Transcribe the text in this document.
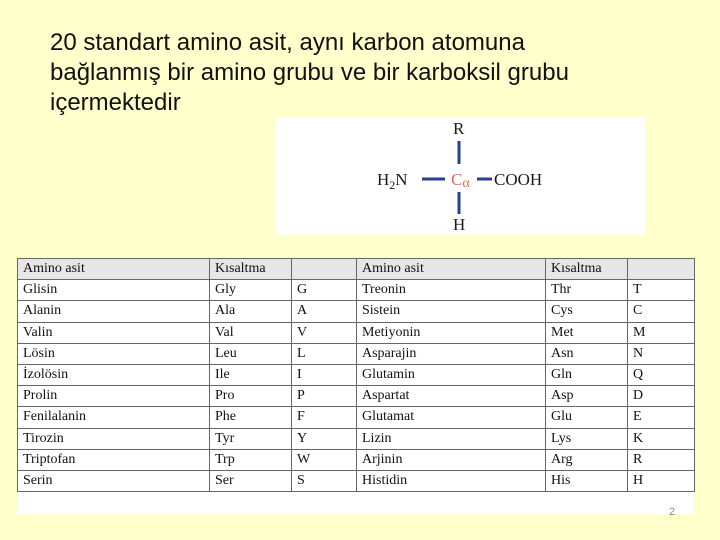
20 standart amino asit, aynı karbon atomuna
bağlanmış bir amino grubu ve bir karboksil grubu
içermektedir
R
$H_2N$	Cα COOH
H
Amino asit	Kısaltma		Amino asit	Kısaltma	
Glisin	Gly	G	Treonin	Thr	T
Alanin	Ala	A	Sistein	Cys	C
Valin	Val	V	Metiyonin	Met	M
Lösin	Leu	L	Asparajin	Asn	N
İzolösin	Ile	I	Glutamin	Gln	Q
Prolin	Pro	P	Aspartat	Asp	D
Fenilalanin	Phe	F	Glutamat	Glu	E
Tirozin	Tyr	Y	Lizin	Lys	K
Triptofan	Trp	W	Arjinin	Arg	R
Serin	Ser	S	Histidin	His	H
2
